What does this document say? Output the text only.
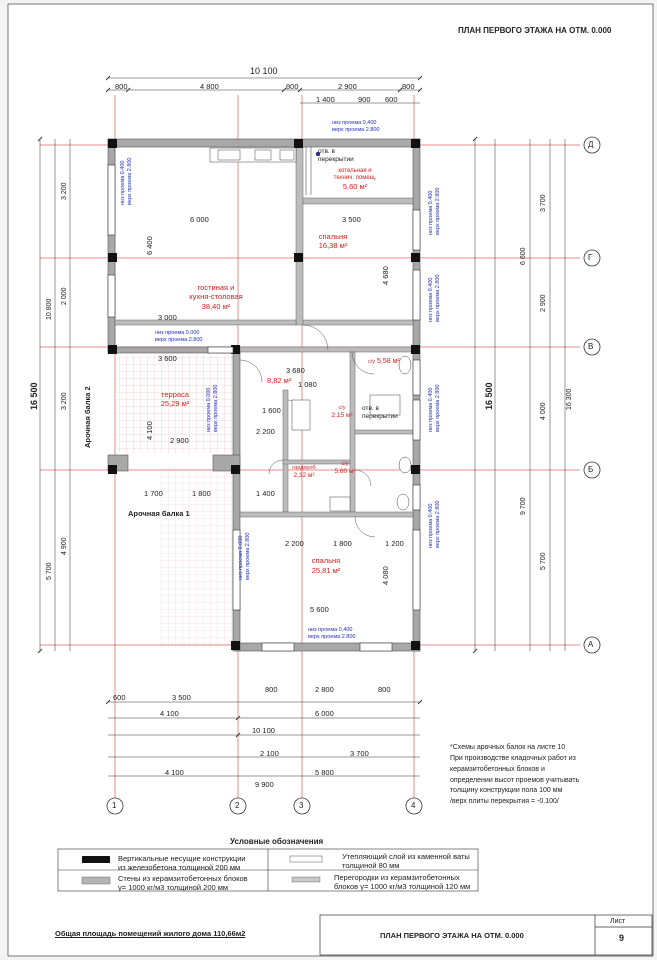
ПЛАН ПЕРВОГО ЭТАЖА НА ОТМ. 0.000
10 100
800	4 800	800	2 900	800
1 400	900 600
16 500
10 800
5 700
3 200
2 000
3 200
4 900
16 500	16 300
6 600
4 000
9 700
3 700
2 900
5 700
Д
Г
В
Б
А
1	2	3	4
600	3 500
800	2 800	800
4 100	6 000
10 100
2 100	3 700
4 100	5 800
9 900
6 000	3 500
3 000
3 600
2 900
5 600
2 200	1 800	1 200
4 680
4 080
3 680
6 400
4 100
1 700	1 800	1 400
1 600
2 200
1 080
гостиная и
кухня-столовая
38,40 м²
спальня
16,38 м²
котельная и
технич. помещ.
5,60 м²
терраса
25,29 м²
8,82 м²
с/у 5,58 м²
с/у
2,15 м²
гардероб
2,32 м²
с/у
5,60 м²
спальня
25,81 м²
низ проема 0.400
верх проема 2.800
низ проема 0.000
верх проема 2.800
низ проема 0.400
верх проема 2.800
низ проема 0.400
верх проема 2.800
низ проема 0.400
верх проема 2.800
низ проема 0.400
верх проема 2.800
низ проема 0.400
верх проема 2.800
низ проема 0.400
верх проема 2.800
низ проема 0.000
верх проема 2.800
низ проема 0.000
верх проема 2.800
отв. в
перекрытии
отв. в
перекрытии
Арочная балка 1
Арочная балка 2
*Схемы арочных балок на листе 10
При производстве кладочных работ из
керамзитобетонных блоков и
определении высот проемов учитывать
толщину конструкции пола 100 мм
/верх плиты перекрытия = -0.100/
Условные обозначения
Вертикальные несущие конструкции
из железобетона толщиной 200 мм
Утепляющий слой из каменной ваты
толщиной 80 мм
Стены из керамзитобетонных блоков
γ= 1000 кг/м3 толщиной 200 мм
Перегородки из керамзитобетонных
блоков γ= 1000 кг/м3 толщиной 120 мм
Общая площадь помещений жилого дома 110,66м2	ПЛАН ПЕРВОГО ЭТАЖА НА ОТМ. 0.000
Лист
9
